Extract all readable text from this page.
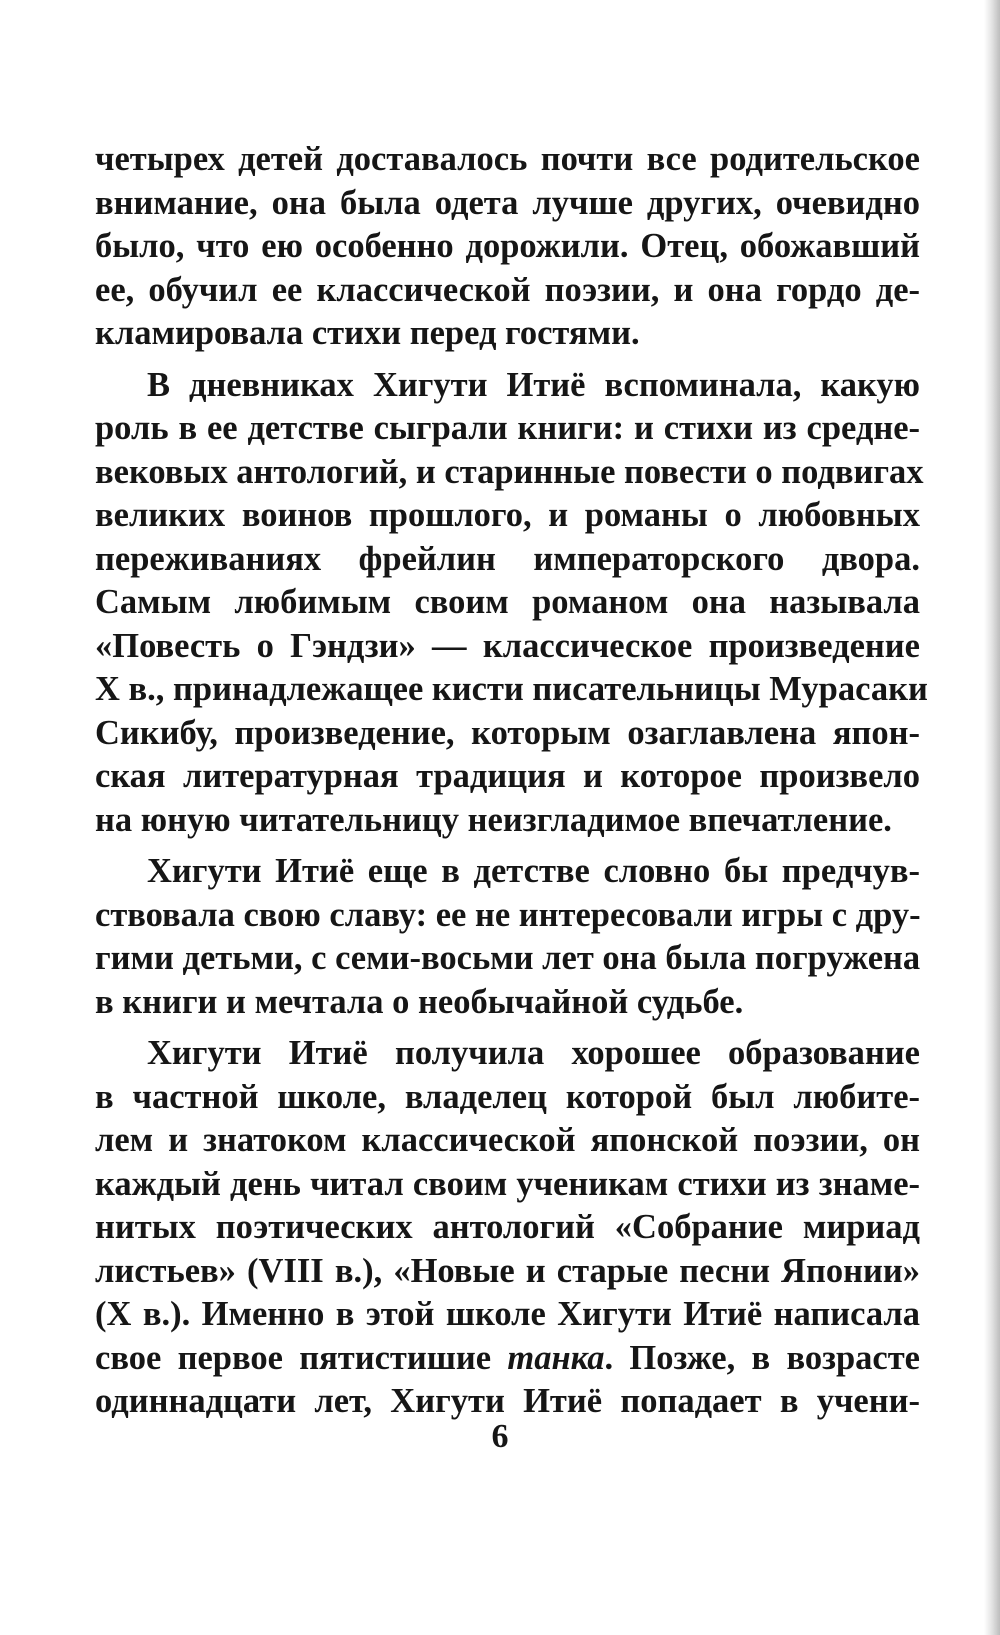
четырех детей доставалось почти все родительское
внимание, она была одета лучше других, очевидно
было, что ею особенно дорожили. Отец, обожавший
ее, обучил ее классической поэзии, и она гордо де-
кламировала стихи перед гостями.
В дневниках Хигути Итиё вспоминала, какую
роль в ее детстве сыграли книги: и стихи из средне-
вековых антологий, и старинные повести о подвигах
великих воинов прошлого, и романы о любовных
переживаниях фрейлин императорского двора.
Самым любимым своим романом она называла
«Повесть о Гэндзи» — классическое произведение
X в., принадлежащее кисти писательницы Мурасаки
Сикибу, произведение, которым озаглавлена япон-
ская литературная традиция и которое произвело
на юную читательницу неизгладимое впечатление.
Хигути Итиё еще в детстве словно бы предчув-
ствовала свою славу: ее не интересовали игры с дру-
гими детьми, с семи-восьми лет она была погружена
в книги и мечтала о необычайной судьбе.
Хигути Итиё получила хорошее образование
в частной школе, владелец которой был любите-
лем и знатоком классической японской поэзии, он
каждый день читал своим ученикам стихи из знаме-
нитых поэтических антологий «Собрание мириад
листьев» (VIII в.), «Новые и старые песни Японии»
(X в.). Именно в этой школе Хигути Итиё написала
свое первое пятистишие танка. Позже, в возрасте
одиннадцати лет, Хигути Итиё попадает в учени-
6
